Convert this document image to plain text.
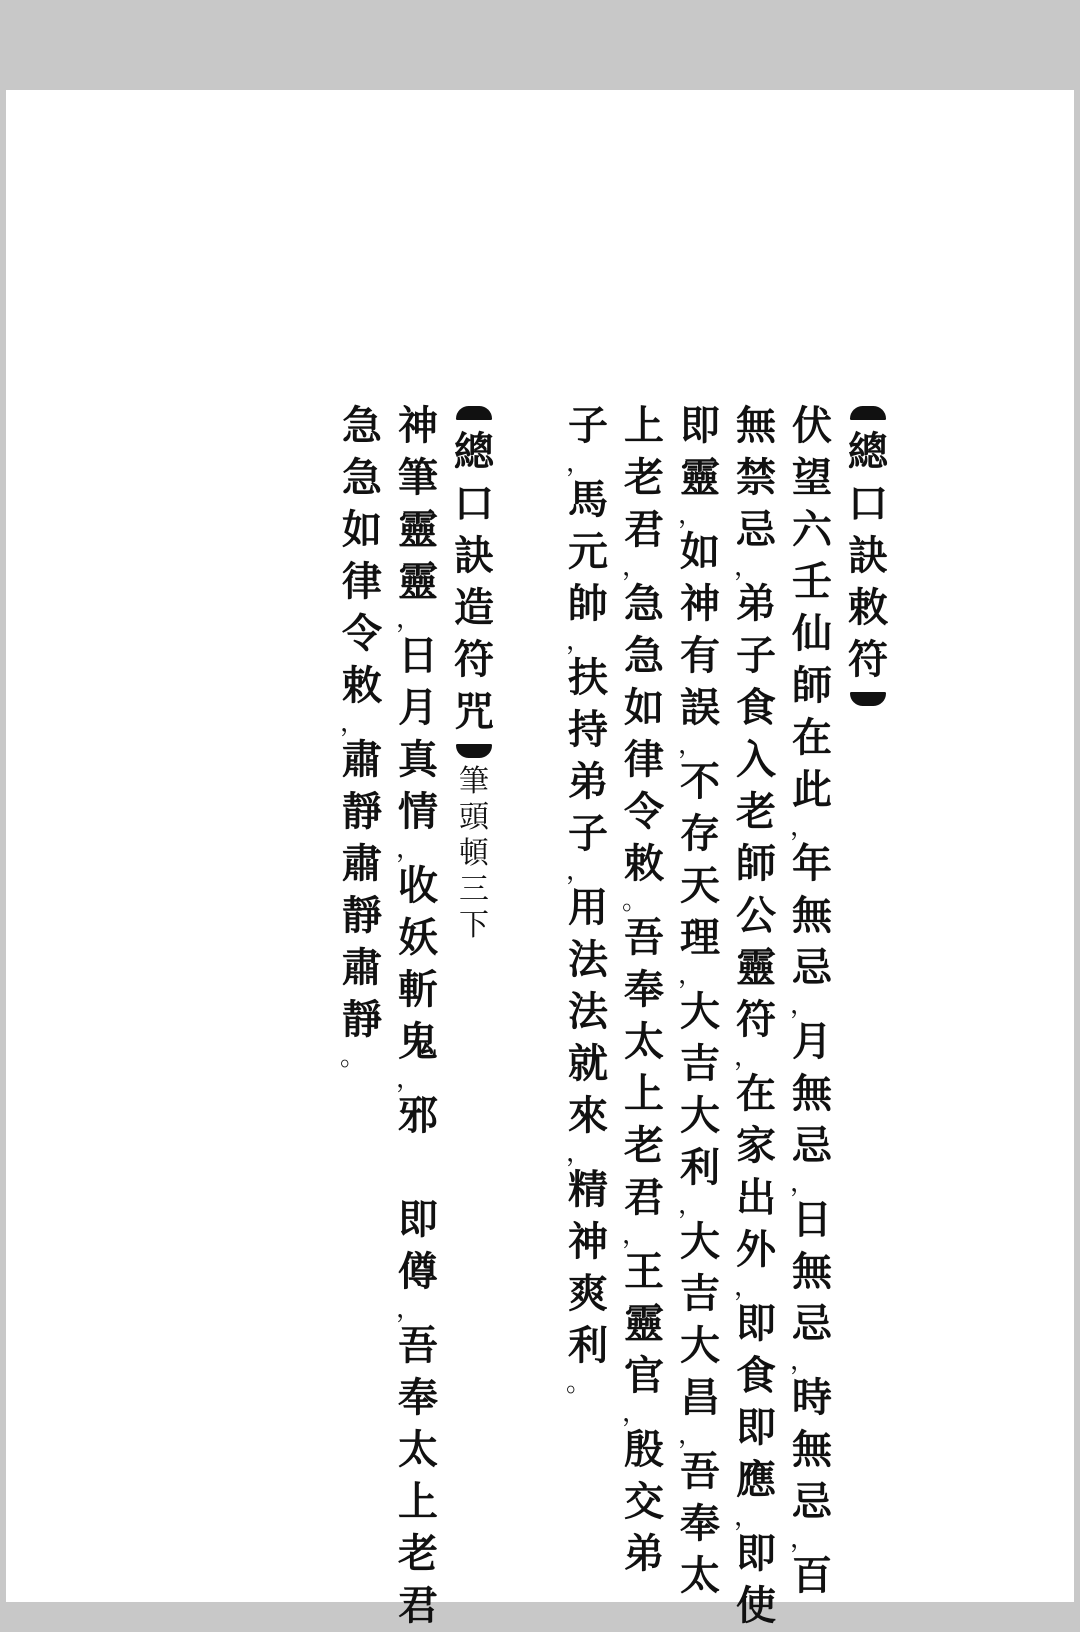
總
口
訣
敕
符
伏
望
六
壬
仙
師
在
此
，
年
無
忌
，
月
無
忌
，
日
無
忌
，
時
無
忌
，
百
無
禁
忌
，
弟
子
食
入
老
師
公
靈
符
，
在
家
出
外
，
即
食
即
應
，
即
使
即
靈
，
如
神
有
誤
，
不
存
天
理
，
大
吉
大
利
，
大
吉
大
昌
，
吾
奉
太
上
老
君
，
急
急
如
律
令
敕
。
吾
奉
太
上
老
君
，
王
靈
官
，
殷
交
弟
子
，
馬
元
帥
，
扶
持
弟
子
，
用
法
法
就
來
，
精
神
爽
利
。
總
口
訣
造
符
咒
筆
頭
頓
三
下
神
筆
靈
靈
，
日
月
真
情
，
收
妖
斬
鬼
，
邪
即
僔
，
吾
奉
太
上
老
君
急
急
如
律
令
敕
，
肅
靜
肅
靜
肅
靜
。
